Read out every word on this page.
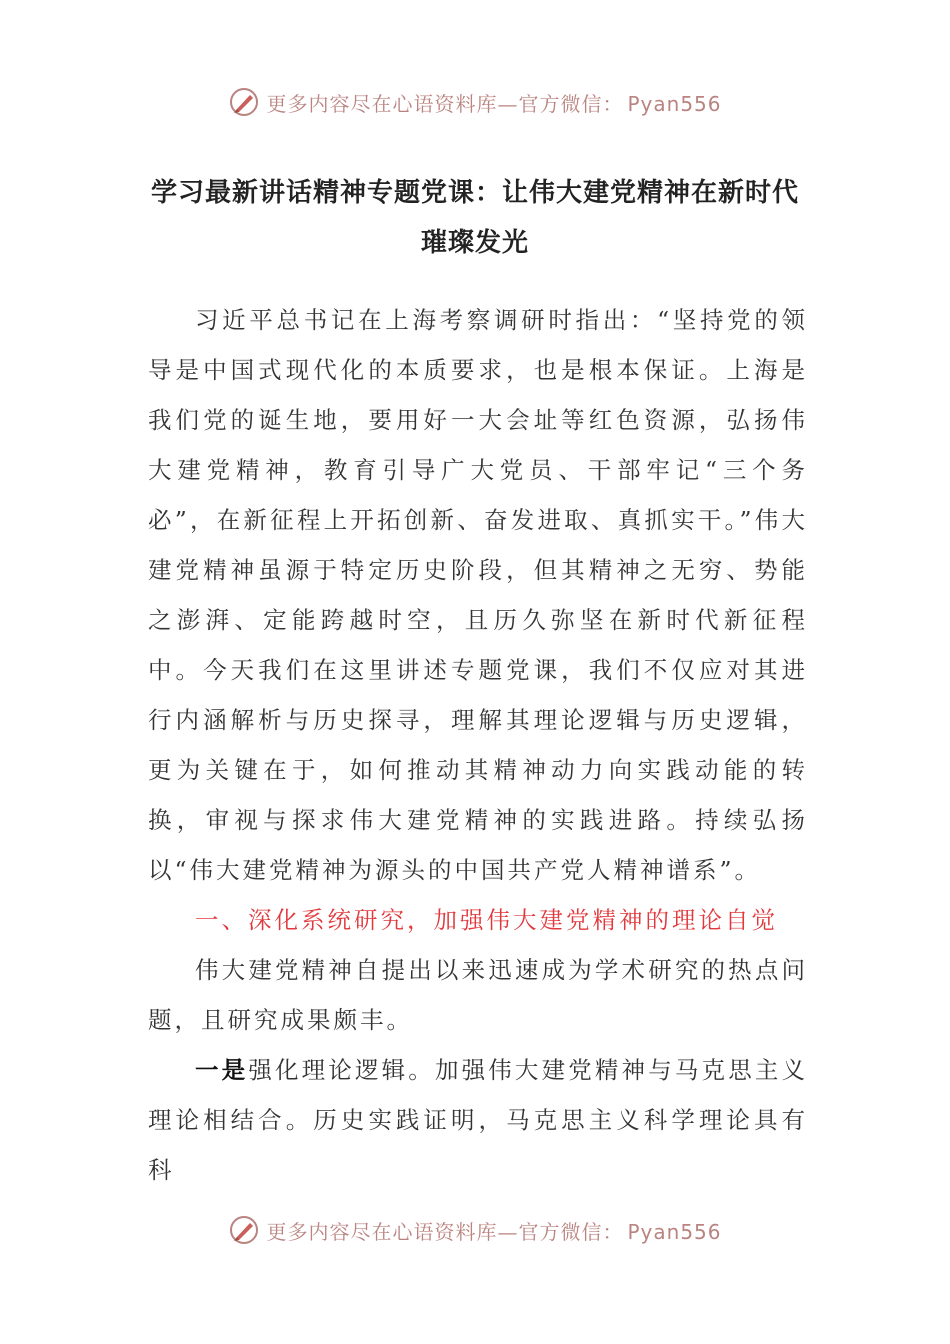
更多内容尽在心语资料库—官方微信： Pyan556
学习最新讲话精神专题党课：让伟大建党精神在新时代璀璨发光

习近平总书记在上海考察调研时指出：“坚持党的领导是中国式现代化的本质要求，也是根本保证。上海是我们党的诞生地，要用好一大会址等红色资源，弘扬伟大建党精神，教育引导广大党员、干部牢记“三个务必”，在新征程上开拓创新、奋发进取、真抓实干。”伟大建党精神虽源于特定历史阶段，但其精神之无穷、势能之澎湃、定能跨越时空，且历久弥坚在新时代新征程中。今天我们在这里讲述专题党课，我们不仅应对其进行内涵解析与历史探寻，理解其理论逻辑与历史逻辑，更为关键在于，如何推动其精神动力向实践动能的转换，审视与探求伟大建党精神的实践进路。持续弘扬以“伟大建党精神为源头的中国共产党人精神谱系”。

一、深化系统研究，加强伟大建党精神的理论自觉

伟大建党精神自提出以来迅速成为学术研究的热点问题，且研究成果颇丰。

一是强化理论逻辑。加强伟大建党精神与马克思主义理论相结合。历史实践证明，马克思主义科学理论具有科

更多内容尽在心语资料库—官方微信： Pyan556
